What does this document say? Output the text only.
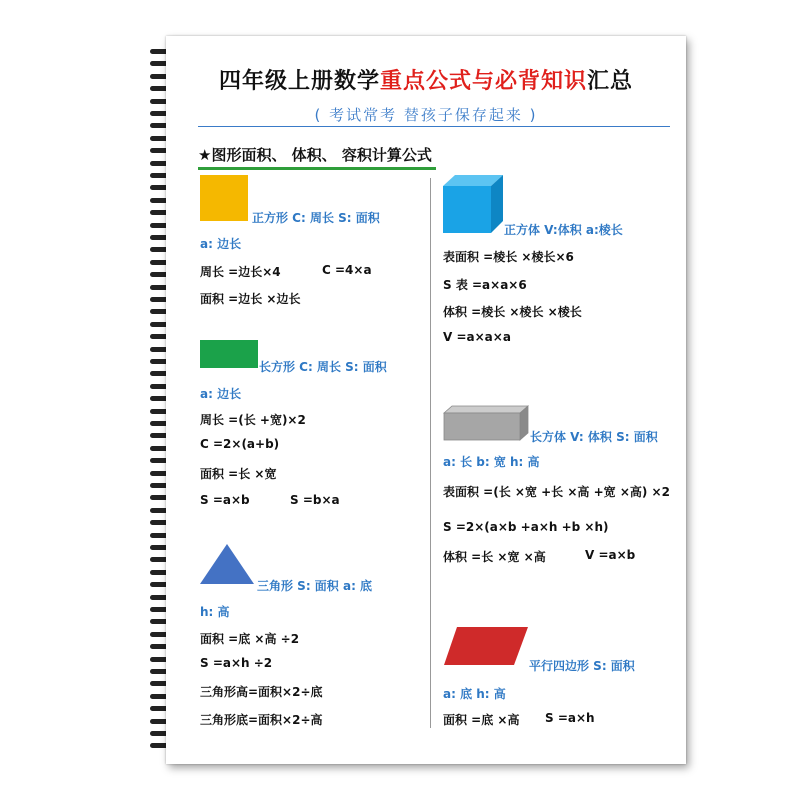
四年级上册数学重点公式与必背知识汇总
( 考试常考 替孩子保存起来 )
★图形面积、 体积、 容积计算公式
正方形 C: 周长 S: 面积
a: 边长
周长 =边长×4	C =4×a
面积 =边长 ×边长
长方形 C: 周长 S: 面积
a: 边长
周长 =(长 +宽)×2
C =2×(a+b)
面积 =长 ×宽
S =a×b	S =b×a
三角形 S: 面积 a: 底
h: 高
面积 =底 ×高 ÷2
S =a×h ÷2
三角形高=面积×2÷底
三角形底=面积×2÷高
正方体 V:体积 a:棱长
表面积 =棱长 ×棱长×6
S 表 =a×a×6
体积 =棱长 ×棱长 ×棱长
V =a×a×a
长方体 V: 体积 S: 面积
a: 长 b: 宽 h: 高
表面积 =(长 ×宽 +长 ×高 +宽 ×高) ×2
S =2×(a×b +a×h +b ×h)
体积 =长 ×宽 ×高	V =a×b
平行四边形 S: 面积
a: 底 h: 高
面积 =底 ×高 S =a×h
